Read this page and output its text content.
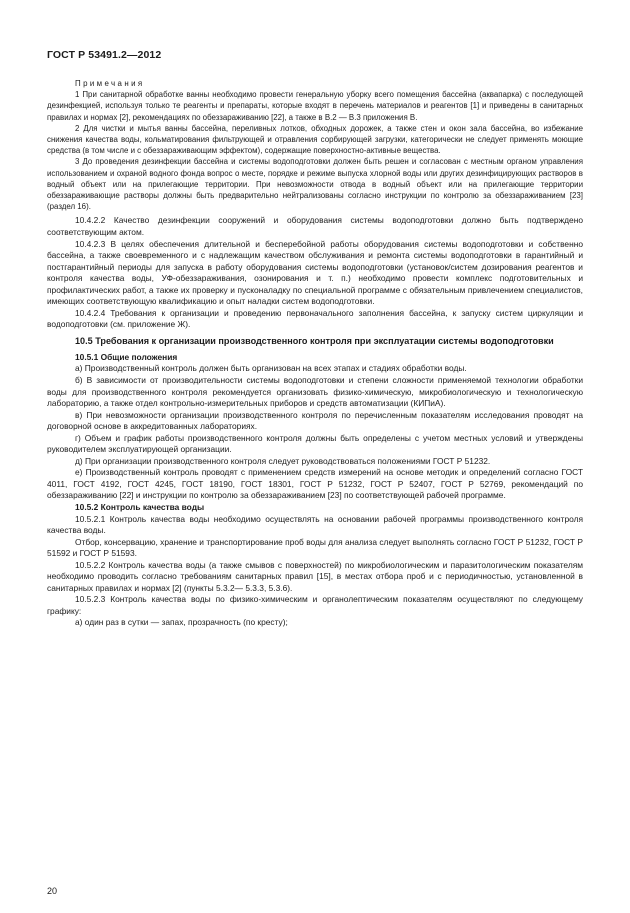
ГОСТ Р 53491.2—2012

Примечания

1 При санитарной обработке ванны необходимо провести генеральную уборку всего помещения бассейна (аквапарка) с последующей дезинфекцией, используя только те реагенты и препараты, которые входят в перечень материалов и реагентов [1] и приведены в санитарных правилах и нормах [2], рекомендациях по обеззараживанию [22], а также в В.2 — В.3 приложения В.

2 Для чистки и мытья ванны бассейна, переливных лотков, обходных дорожек, а также стен и окон зала бассейна, во избежание снижения качества воды, кольматирования фильтрующей и отравления сорбирующей загрузки, категорически не следует применять моющие средства (в том числе и с обеззараживающим эффектом), содержащие поверхностно-активные вещества.

3 До проведения дезинфекции бассейна и системы водоподготовки должен быть решен и согласован с местным органом управления использованием и охраной водного фонда вопрос о месте, порядке и режиме выпуска хлорной воды или других дезинфицирующих растворов в водный объект или на прилегающие территории. При невозможности отвода в водный объект или на прилегающие территории обеззараживающие растворы должны быть предварительно нейтрализованы согласно инструкции по контролю за обеззараживанием [23] (раздел 16).

10.4.2.2 Качество дезинфекции сооружений и оборудования системы водоподготовки должно быть подтверждено соответствующим актом.

10.4.2.3 В целях обеспечения длительной и бесперебойной работы оборудования системы водоподготовки и собственно бассейна, а также своевременного и с надлежащим качеством обслуживания и ремонта системы водоподготовки в гарантийный и постгарантийный периоды для запуска в работу оборудования системы водоподготовки (установок/систем дозирования реагентов и контроля качества воды, УФ-обеззараживания, озонирования и т. п.) необходимо провести комплекс подготовительных и профилактических работ, а также их проверку и пусконаладку по специальной программе с обязательным привлечением специалистов, имеющих соответствующую квалификацию и опыт наладки систем водоподготовки.

10.4.2.4 Требования к организации и проведению первоначального заполнения бассейна, к запуску систем циркуляции и водоподготовки (см. приложение Ж).

10.5 Требования к организации производственного контроля при эксплуатации системы водоподготовки

10.5.1 Общие положения

а) Производственный контроль должен быть организован на всех этапах и стадиях обработки воды.

б) В зависимости от производительности системы водоподготовки и степени сложности применяемой технологии обработки воды для производственного контроля рекомендуется организовать физико-химическую, микробиологическую и технологическую лабораторию, а также отдел контрольно-измерительных приборов и средств автоматизации (КИПиА).

в) При невозможности организации производственного контроля по перечисленным показателям исследования проводят на договорной основе в аккредитованных лабораториях.

г) Объем и график работы производственного контроля должны быть определены с учетом местных условий и утверждены руководителем эксплуатирующей организации.

д) При организации производственного контроля следует руководствоваться положениями ГОСТ Р 51232.

е) Производственный контроль проводят с применением средств измерений на основе методик и определений согласно ГОСТ 4011, ГОСТ 4192, ГОСТ 4245, ГОСТ 18190, ГОСТ 18301, ГОСТ Р 51232, ГОСТ Р 52407, ГОСТ Р 52769, рекомендаций по обеззараживанию [22] и инструкции по контролю за обеззараживанием [23] по соответствующей рабочей программе.

10.5.2 Контроль качества воды

10.5.2.1 Контроль качества воды необходимо осуществлять на основании рабочей программы производственного контроля качества воды.

Отбор, консервацию, хранение и транспортирование проб воды для анализа следует выполнять согласно ГОСТ Р 51232, ГОСТ Р 51592 и ГОСТ Р 51593.

10.5.2.2 Контроль качества воды (а также смывов с поверхностей) по микробиологическим и паразитологическим показателям необходимо проводить согласно требованиям санитарных правил [15], в местах отбора проб и с периодичностью, установленной в санитарных правилах и нормах [2] (пункты 5.3.2— 5.3.3, 5.3.6).

10.5.2.3 Контроль качества воды по физико-химическим и органолептическим показателям осуществляют по следующему графику:

а) один раз в сутки — запах, прозрачность (по кресту);

20
